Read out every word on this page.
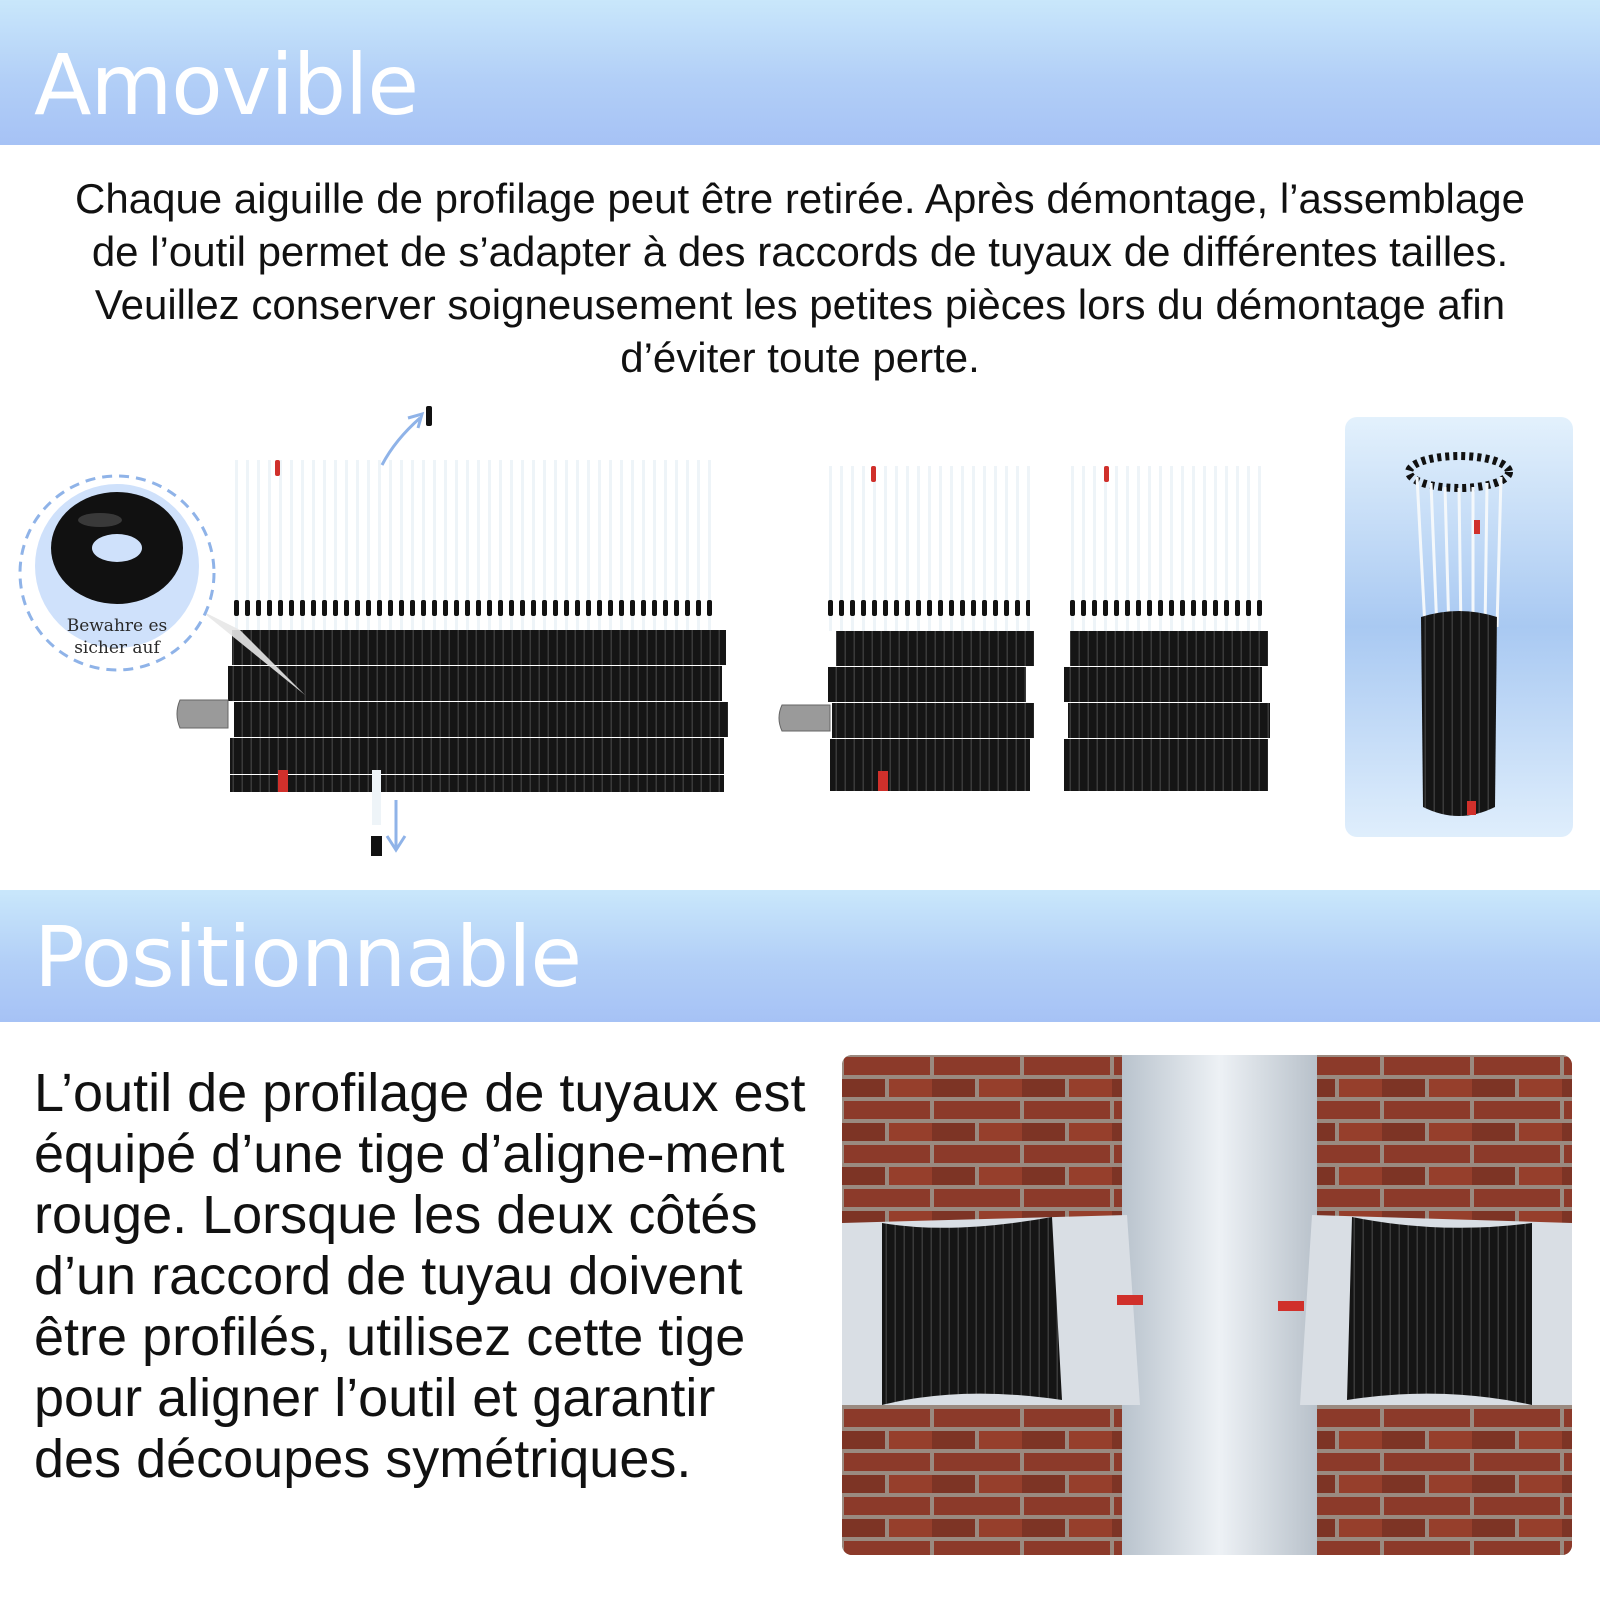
Amovible

Chaque aiguille de profilage peut être retirée. Après démontage, l’assemblage de l’outil permet de s’adapter à des raccords de tuyaux de différentes tailles. Veuillez conserver soigneusement les petites pièces lors du démontage afin d’éviter toute perte.

Bewahre es
sicher auf
Positionnable

L’outil de profilage de tuyaux est équipé d’une tige d’aligne-ment rouge. Lorsque les deux côtés d’un raccord de tuyau doivent être profilés, utilisez cette tige pour aligner l’outil et garantir des découpes symétriques.
